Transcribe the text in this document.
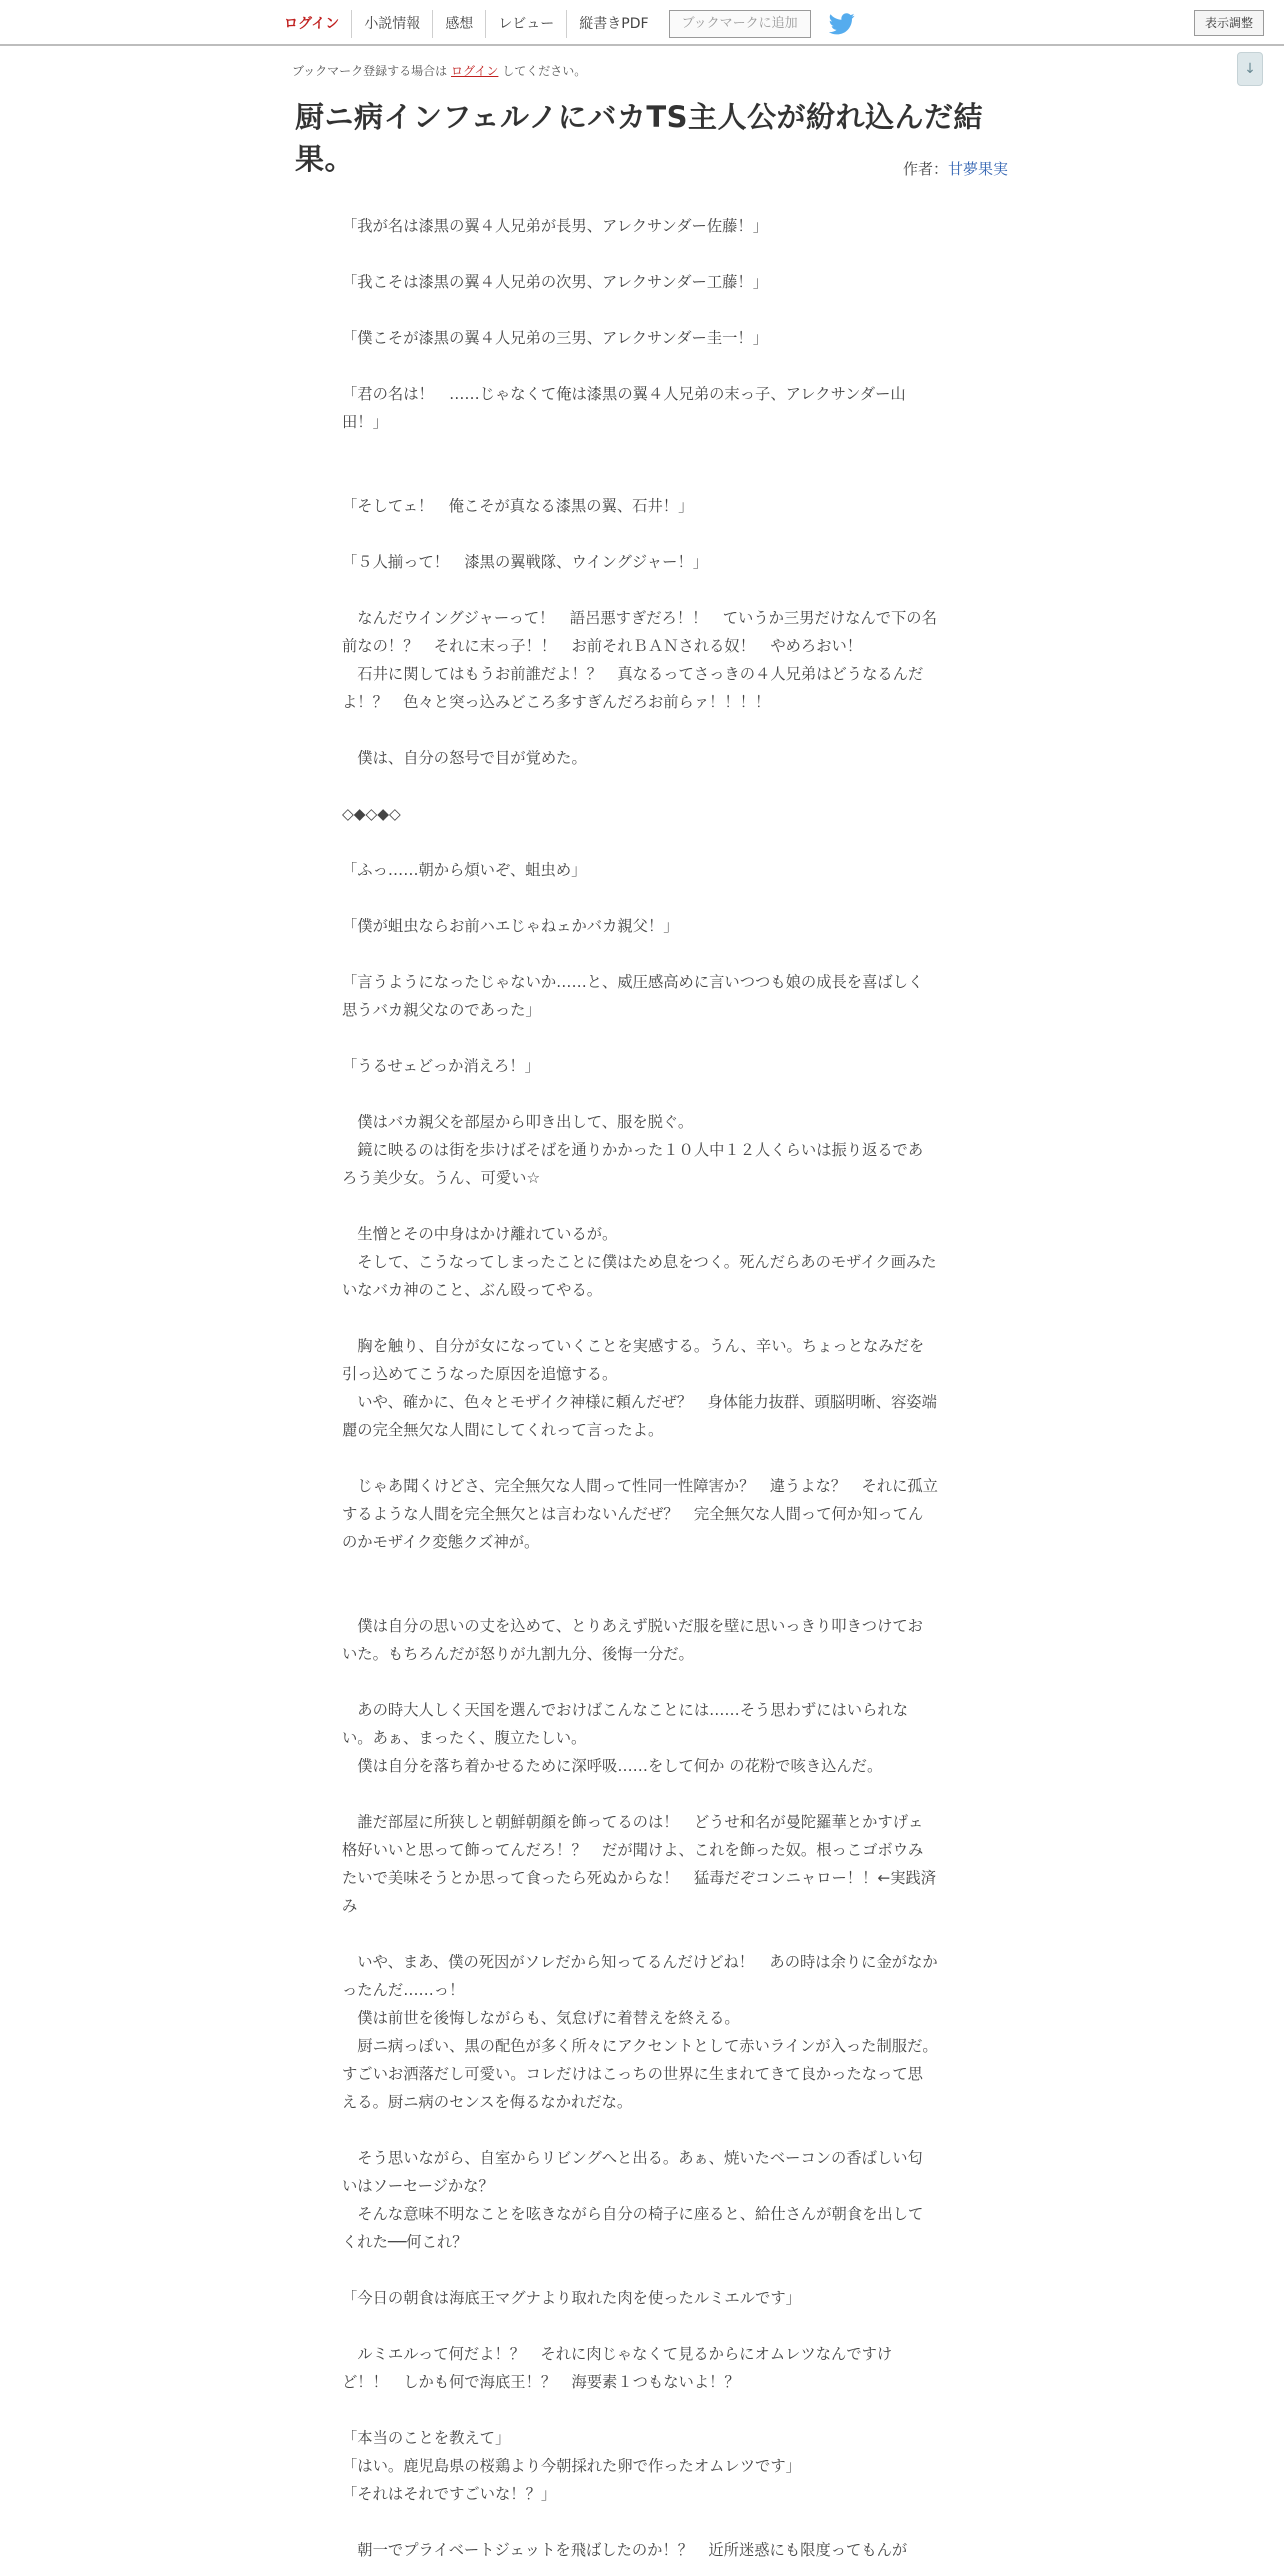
ログイン	小説情報	感想	レビュー	縦書きPDF	ブックマークに追加	表示調整
↓
ブックマーク登録する場合は ログイン してください。
厨ニ病インフェルノにバカTS主人公が紛れ込んだ結果。	作者：甘夢果実

「我が名は漆黒の翼４人兄弟が長男、アレクサンダー佐藤！」

「我こそは漆黒の翼４人兄弟の次男、アレクサンダー工藤！」

「僕こそが漆黒の翼４人兄弟の三男、アレクサンダー圭一！」

「君の名は！　……じゃなくて俺は漆黒の翼４人兄弟の末っ子、アレクサンダー山田！」

「そしてェ！　俺こそが真なる漆黒の翼、石井！」

「５人揃って！　漆黒の翼戦隊、ウイングジャー！」

　なんだウイングジャーって！　語呂悪すぎだろ！！　ていうか三男だけなんで下の名前なの！？　それに末っ子！！　お前それＢＡＮされる奴！　やめろおい！

　石井に関してはもうお前誰だよ！？　真なるってさっきの４人兄弟はどうなるんだよ！？　色々と突っ込みどころ多すぎんだろお前らァ！！！！

　僕は、自分の怒号で目が覚めた。

◇◆◇◆◇

「ふっ……朝から煩いぞ、蛆虫め」

「僕が蛆虫ならお前ハエじゃねェかバカ親父！」

「言うようになったじゃないか……と、威圧感高めに言いつつも娘の成長を喜ばしく思うバカ親父なのであった」

「うるせェどっか消えろ！」

　僕はバカ親父を部屋から叩き出して、服を脱ぐ。

　鏡に映るのは街を歩けばそばを通りかかった１０人中１２人くらいは振り返るであろう美少女。うん、可愛い☆

　生憎とその中身はかけ離れているが。

　そして、こうなってしまったことに僕はため息をつく。死んだらあのモザイク画みたいなバカ神のこと、ぶん殴ってやる。

　胸を触り、自分が女になっていくことを実感する。うん、辛い。ちょっとなみだを引っ込めてこうなった原因を追憶する。

　いや、確かに、色々とモザイク神様に頼んだぜ？　身体能力抜群、頭脳明晰、容姿端麗の完全無欠な人間にしてくれって言ったよ。

　じゃあ聞くけどさ、完全無欠な人間って性同一性障害か？　違うよな？　それに孤立するような人間を完全無欠とは言わないんだぜ？　完全無欠な人間って何か知ってんのかモザイク変態クズ神が。

　僕は自分の思いの丈を込めて、とりあえず脱いだ服を壁に思いっきり叩きつけておいた。もちろんだが怒りが九割九分、後悔一分だ。

　あの時大人しく天国を選んでおけばこんなことには……そう思わずにはいられない。あぁ、まったく、腹立たしい。

　僕は自分を落ち着かせるために深呼吸……をして何か の花粉で咳き込んだ。

　誰だ部屋に所狭しと朝鮮朝顔を飾ってるのは！　どうせ和名が曼陀羅華とかすげェ格好いいと思って飾ってんだろ！？　だが聞けよ、これを飾った奴。根っこゴボウみたいで美味そうとか思って食ったら死ぬからな！　猛毒だぞコンニャロー！！←実践済み

　いや、まあ、僕の死因がソレだから知ってるんだけどね！　あの時は余りに金がなかったんだ……っ！

　僕は前世を後悔しながらも、気怠げに着替えを終える。

　厨ニ病っぽい、黒の配色が多く所々にアクセントとして赤いラインが入った制服だ。すごいお洒落だし可愛い。コレだけはこっちの世界に生まれてきて良かったなって思える。厨ニ病のセンスを侮るなかれだな。

　そう思いながら、自室からリビングへと出る。あぁ、焼いたベーコンの香ばしい匂いはソーセージかな？

　そんな意味不明なことを呟きながら自分の椅子に座ると、給仕さんが朝食を出してくれた──何これ？

「今日の朝食は海底王マグナより取れた肉を使ったルミエルです」

　ルミエルって何だよ！？　それに肉じゃなくて見るからにオムレツなんですけど！！　しかも何で海底王！？　海要素１つもないよ！？

「本当のことを教えて」

「はい。鹿児島県の桜鶏より今朝採れた卵で作ったオムレツです」

「それはそれですごいな！？」

　朝一でプライベートジェットを飛ばしたのか！？　近所迷惑にも限度ってもんが
